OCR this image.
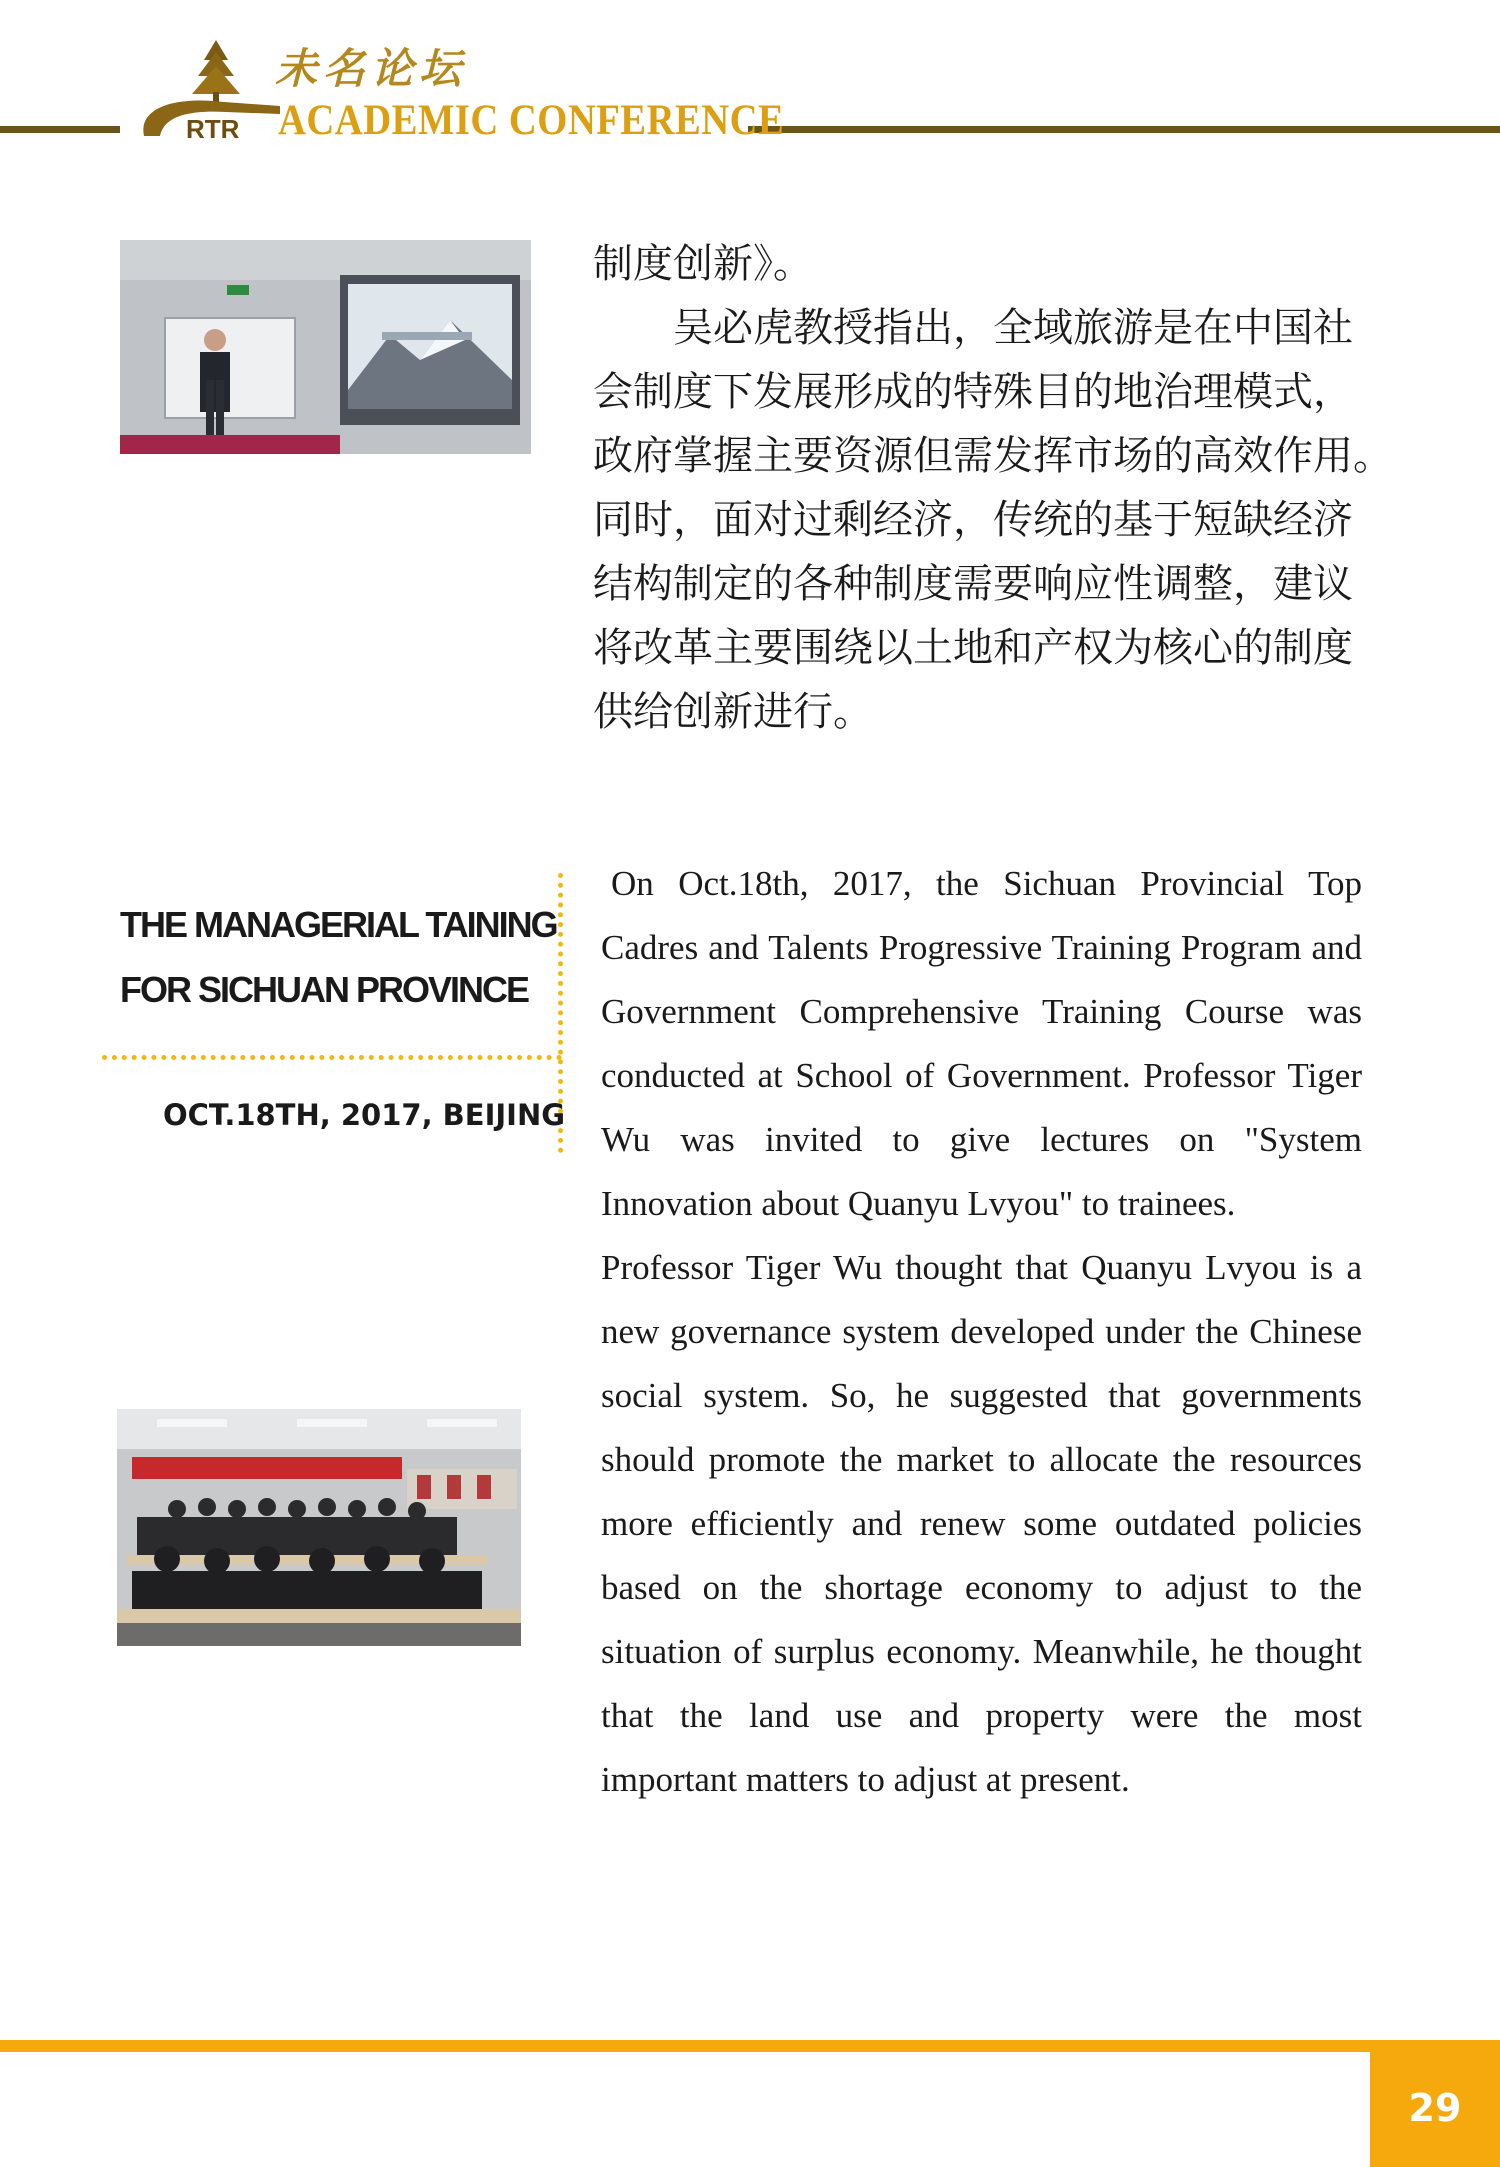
RTR
未名论坛
ACADEMIC CONFERENCE

制度创新》。

　　吴必虎教授指出，全域旅游是在中国社

会制度下发展形成的特殊目的地治理模式，

政府掌握主要资源但需发挥市场的高效作用。

同时，面对过剩经济，传统的基于短缺经济

结构制定的各种制度需要响应性调整，建议

将改革主要围绕以土地和产权为核心的制度

供给创新进行。

THE MANAGERIAL TAINING
FOR SICHUAN PROVINCE
OCT.18TH, 2017, BEIJING

On Oct.18th, 2017, the Sichuan Provincial Top Cadres and Talents Progressive Training Program and Government Comprehensive Training Course was conducted at School of Government. Professor Tiger Wu was invited to give lectures on "System Innovation about Quanyu Lvyou" to trainees.

Professor Tiger Wu thought that Quanyu Lvyou is a new governance system developed under the Chinese social system. So, he suggested that governments should promote the market to allocate the resources more efficiently and renew some outdated policies based on the shortage economy to adjust to the situation of surplus economy. Meanwhile, he thought that the land use and property were the most important matters to adjust at present.

29
